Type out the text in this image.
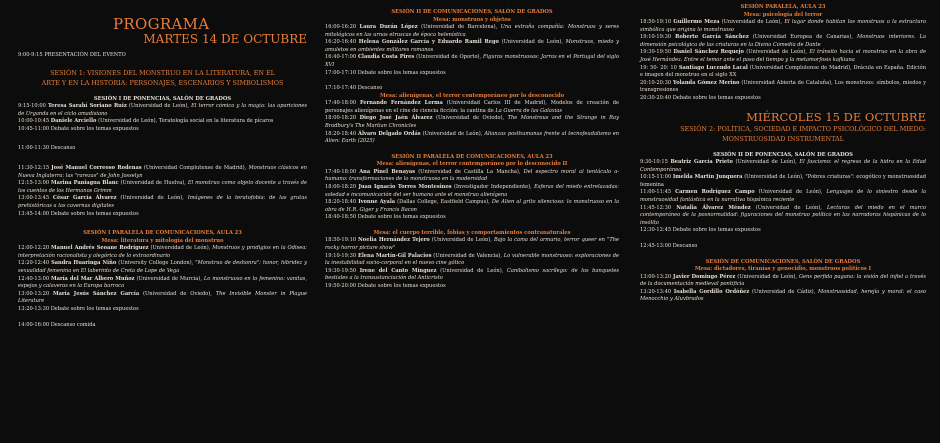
PROGRAMA
MARTES 14 DE OCTUBRE
9:00-9:15 PRESENTACIÓN DEL EVENTO
SESIÓN 1: VISIONES DEL MONSTRUO EN LA LITERATURA, EN EL
ARTE Y EN LA HISTORIA: PERSONAJES, ESCENARIOS Y SIMBOLISMOS
SESIÓN I DE PONENCIAS, SALÓN DE GRADOS
9:15-10:00 Teresa Sarahí Soriano Ruiz (Universidad de León), El terror cómico y la magia: las apariciones de Urganda en el ciclo amadisiano
10:00-10:45 Daniele Arciello (Universidad de León), Teratología social en la literatura de pícaros
10:45-11:00 Debate sobre los temas expuestos
11:00-11:30 Descanso
11:30-12:15 José Manuel Correoso Rodenas (Universidad Complutense de Madrid), Monstruos clásicos en Nueva Inglaterra: las "rarezas" de John Josselyn
12:15-13:00 Marina Paniagua Blanc (Universidad de Huelva), El monstruo como objeto docente a través de los cuentos de los Hermanos Grimm
13:00-13:45 César García Álvarez (Universidad de León), Imágenes de la teratofobia: de las grutas prehistóricas a las cavernas digitales
13:45-14:00 Debate sobre los temas expuestos
SESIÓN I PARALELA DE COMUNICACIONES, AULA 23
Mesa: literatura y mitología del monstruo
12:00-12:20 Manuel Andrés Seoane Rodríguez (Universidad de León), Monstruos y prodigios en la Odisea: interpretación racionalista y alegórica de lo extraordinario
12:20-12:40 Sandra Huaringa Niño (University College London), "Monstruo de deshonra": honor, hibridez y sexualidad femenina en El laberinto de Creta de Lope de Vega
12:40-13:00 María del Mar Albero Muñoz (Universidad de Murcia), Lo monstruoso en lo femenino: vanitas, espejos y calaveras en la Europa barroca
13:00-13:20 María Jesús Sánchez García (Universidad de Oviedo), The Invisible Monster in Plague Literature
13:20-13:30 Debate sobre los temas expuestos
14:00-16:00 Descanso comida
SESIÓN II DE COMUNICACIONES, SALÓN DE GRADOS
Mesa: monstruos y objetos
16:00-16:20 Laura Durán López (Universidad de Barcelona), Una extraña compañía: Monstruos y seres mitológicos en las urnas etruscas de época helenística
16:20-16:40 Helena González García y Eduardo Ramil Rego (Universidad de León), Monstruos, miedo y amuletos en ambientes militares romanos
16:40-17:00 Claudia Costa Pires (Universidad de Oporto), Figuras monstruosas: Jarras en el Portugal del siglo XVI
17:00-17:10 Debate sobre los temas expuestos
17:10-17:40 Descanso
Mesa: alienígenas, el terror contemporáneo por lo desconocido
17:40-18:00 Fernando Fernández Lerma (Universidad Carlos III de Madrid), Modelos de creación de personajes alienígenas en el cine de ciencia ficción: la cantina de La Guerra de las Galaxias
18:00-18:20 Diego José Jaén Álvarez (Universidad de Oviedo), The Monstrous and the Strange in Ray Bradbury's The Martian Chronicles
18:20-18:40 Álvaro Delgado Ordás (Universidad de León), Alianzas posthumanas frente al tecnofeudalismo en Alien: Earth (2025)
SESIÓN II PARALELA DE COMUNICACIONES, AULA 23
Mesa: alienígenas, el terror contemporáneo por lo desconocido II
17:40-18:00 Ana Pinel Benayas (Universidad de Castilla La Mancha), Del espectro moral al tentáculo a-humano: transformaciones de lo monstruoso en la modernidad
18:00-18:20 Juan Ignacio Torres Montesinos (Investigador Independiente), Esferas del miedo entrelazadas: soledad e incomunicación del ser humano ante el monstruo alienígena
18:20-18:40 Ivonne Ayala (Dallas College, Eastfield Campus), De Alien al grito silencioso: lo monstruoso en la obra de H.R. Giger y Francis Bacon
18:40-18:50 Debate sobre los temas expuestos
Mesa: el cuerpo terrible, fobias y comportamientos contranaturales
18:50-19:10 Noelia Hernández Tejero (Universidad de León), Bajo la cama del armario, terror queer en "The rocky horror picture show"
19:10-19:30 Elena Martín-Gil Palacios (Universidad de Valencia), Lo vulnerable monstruoso: exploraciones de la inestabilidad socio-corporal en el nuevo cine gótico
19:30-19:50 Irene del Canto Mínguez (Universidad de León), Canibalismo sacrílego: de los banquetes bestiales a la transustanciación del Anticristo
19:50-20:00 Debate sobre los temas expuestos
SESIÓN PARALELA, AULA 23
Mesa: psicología del terror
18:50-19:10 Guillermo Meza (Universidad de León), El lugar donde habitan los monstruos o la estructura simbólica que origina lo monstruoso
19:10-19:30 Roberto García Sánchez (Universidad Europea de Canarias), Monstruos interiores. La dimensión psicológica de las criaturas en la Divina Comedia de Dante
19:30-19:50 Daniel Sánchez Requejo (Universidad de León), El tránsito hacia el monstruo en la obra de José Hernández. Entre el temor ante el paso del tiempo y la metamorfosis kafkiana
19: 50- 20: 10 Santiago Lucendo Lacal (Universidad Complutense de Madrid), Drácula en España. Edición e imagen del monstruo en el siglo XX
20:10-20:30 Yolanda Gómez Merino (Universidad Abierta de Cataluña), Los monstruos: símbolos, miedos y transgresiones
20:30-20:40 Debate sobre los temas expuestos
MIÉRCOLES 15 DE OCTUBRE
SESIÓN 2: POLÍTICA, SOCIEDAD E IMPACTO PSICOLÓGICO DEL MIEDO:
MONSTRUOSIDAD INSTRUMENTAL
SESIÓN II DE PONENCIAS, SALÓN DE GRADOS
9:30-10:15 Beatriz García Prieto (Universidad de León), El fascismo: el regreso de la hidra en la Edad Contemporánea
10:15-11:00 Imelda Martín Junquera (Universidad de León), "Pobres criaturas": ecogótico y monstruosidad femenina
11:00-11:45 Carmen Rodríguez Campo (Universidad de León), Lenguajes de lo siniestro desde la monstruosidad fantástica en la narrativa hispánica reciente
11:45-12:30 Natalia Álvarez Méndez (Universidad de León), Lecturas del miedo en el marco contemporáneo de la posnormalidad: figuraciones del monstruo político en las narradoras hispánicas de lo insólito
12:30-12:45 Debate sobre los temas expuestos
12:45-13:00 Descanso
SESIÓN DE COMUNICACIONES, SALÓN DE GRADOS
Mesa: dictadores, tiranías y genocidio, monstruos políticos I
13:00-13:20 Javier Domingo Pérez (Universidad de León), Gens perfida pagana: la visión del infiel a través de la documentación medieval pontificia
13:20-13:40 Isabella Gordillo Ordóñez (Universidad de Cádiz), Monstruosidad, herejía y moral: el caso Menocchio y Aluvbrados
